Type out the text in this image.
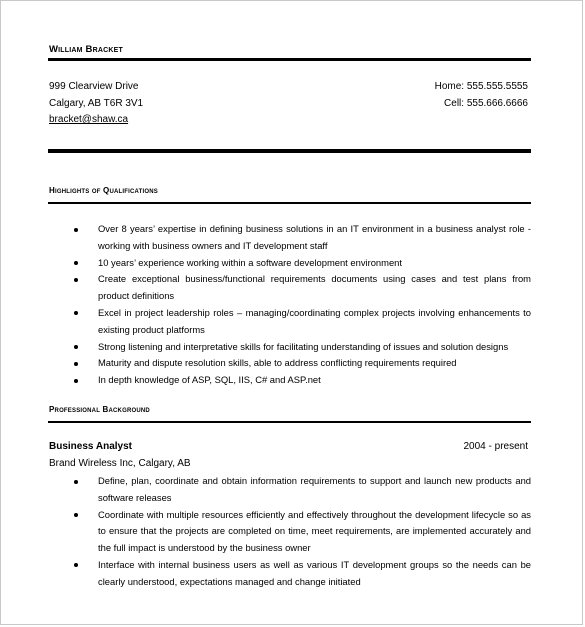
William Bracket
999 Clearview Drive
Calgary, AB T6R 3V1
bracket@shaw.ca
Home: 555.555.5555
Cell: 555.666.6666
Highlights of Qualifications
Over 8 years’ expertise in defining business solutions in an IT environment in a business analyst role - working with business owners and IT development staff
10 years’ experience working within a software development environment
Create exceptional business/functional requirements documents using cases and test plans from product definitions
Excel in project leadership roles – managing/coordinating complex projects involving enhancements to existing product platforms
Strong listening and interpretative skills for facilitating understanding of issues and solution designs
Maturity and dispute resolution skills, able to address conflicting requirements required
In depth knowledge of ASP, SQL, IIS, C# and ASP.net
Professional Background
Business Analyst	2004 - present
Brand Wireless Inc, Calgary, AB
Define, plan, coordinate and obtain information requirements to support and launch new products and software releases
Coordinate with multiple resources efficiently and effectively throughout the development lifecycle so as to ensure that the projects are completed on time, meet requirements, are implemented accurately and the full impact is understood by the business owner
Interface with internal business users as well as various IT development groups so the needs can be clearly understood, expectations managed and change initiated
